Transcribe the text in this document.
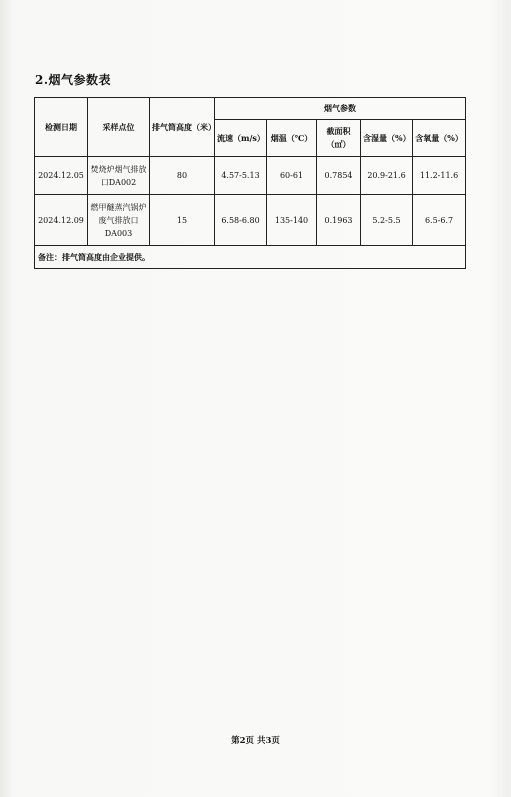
2.烟气参数表
检测日期	采样点位	排气筒高度（米）	烟气参数				
			流速（m/s）	烟温（℃）	截面积（㎡）	含湿量（%）	含氧量（%）
2024.12.05	焚烧炉烟气排放口DA002	80	4.57-5.13	60-61	0.7854	20.9-21.6	11.2-11.6
2024.12.09	燃甲醚蒸汽锅炉废气排放口DA003	15	6.58-6.80	135-140	0.1963	5.2-5.5	6.5-6.7
备注：排气筒高度由企业提供。							
第2页 共3页
